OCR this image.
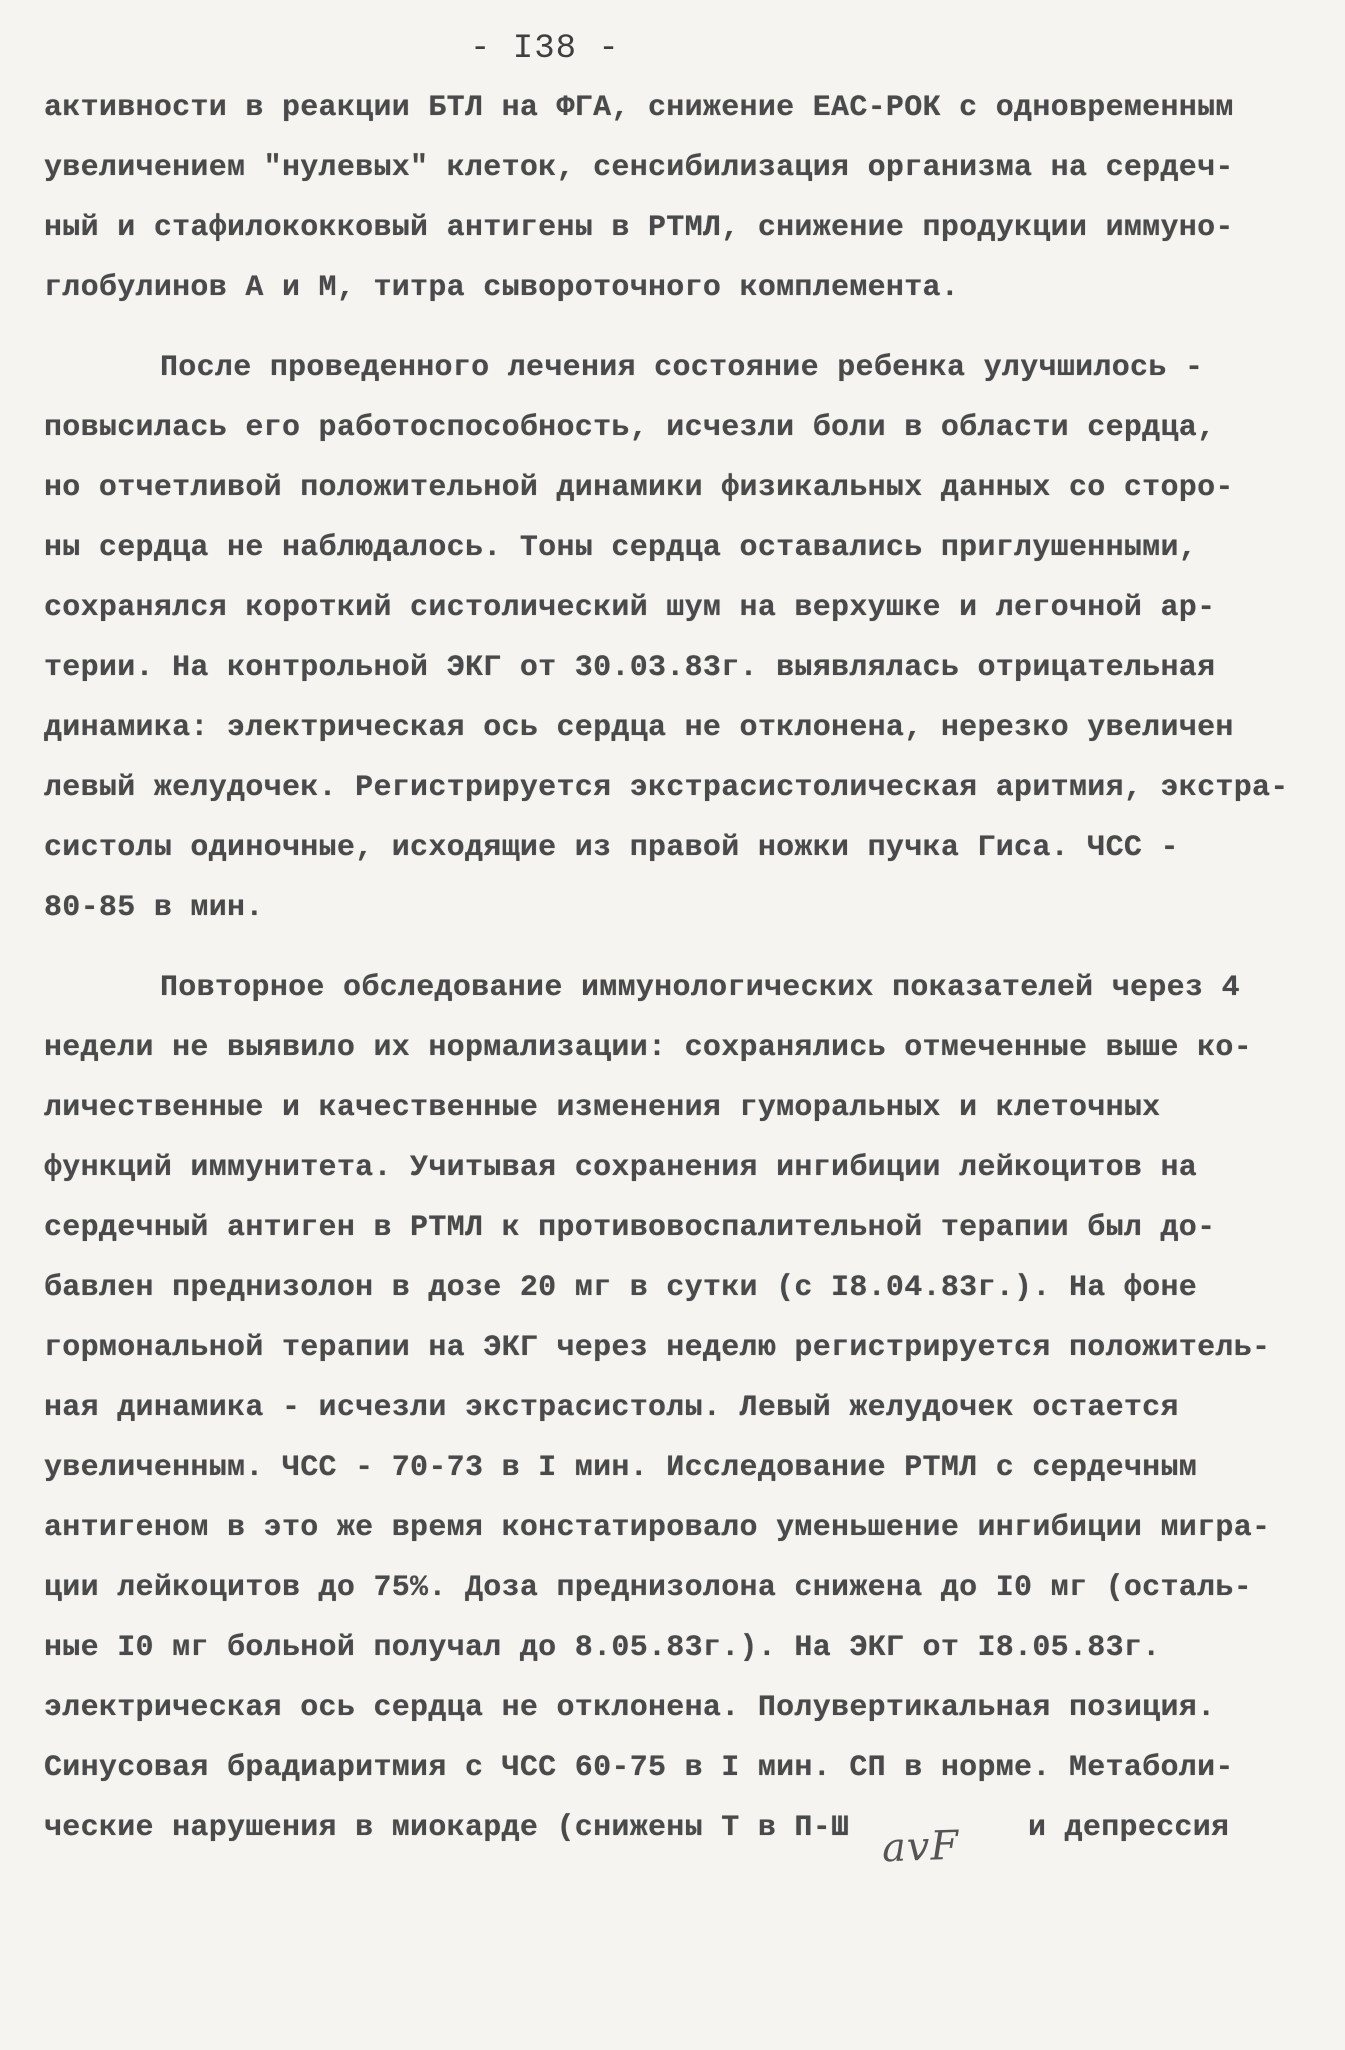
- I38 -
активности в реакции БТЛ на ФГА, снижение ЕАС-РОК с одновременным
увеличением "нулевых" клеток, сенсибилизация организма на сердеч-
ный и стафилококковый антигены в РТМЛ, снижение продукции иммуно-
глобулинов А и М, титра сывороточного комплемента.
После проведенного лечения состояние ребенка улучшилось -
повысилась его работоспособность, исчезли боли в области сердца,
но отчетливой положительной динамики физикальных данных со сторо-
ны сердца не наблюдалось. Тоны сердца оставались приглушенными,
сохранялся короткий систолический шум на верхушке и легочной ар-
терии. На контрольной ЭКГ от 30.03.83г. выявлялась отрицательная
динамика: электрическая ось сердца не отклонена, нерезко увеличен
левый желудочек. Регистрируется экстрасистолическая аритмия, экстра-
систолы одиночные, исходящие из правой ножки пучка Гиса. ЧСС -
80-85 в мин.
Повторное обследование иммунологических показателей через 4
недели не выявило их нормализации: сохранялись отмеченные выше ко-
личественные и качественные изменения гуморальных и клеточных
функций иммунитета. Учитывая сохранения ингибиции лейкоцитов на
сердечный антиген в РТМЛ к противовоспалительной терапии был до-
бавлен преднизолон в дозе 20 мг в сутки (с I8.04.83г.). На фоне
гормональной терапии на ЭКГ через неделю регистрируется положитель-
ная динамика - исчезли экстрасистолы. Левый желудочек остается
увеличенным. ЧСС - 70-73 в I мин. Исследование РТМЛ с сердечным
антигеном в это же время констатировало уменьшение ингибиции мигра-
ции лейкоцитов до 75%. Доза преднизолона снижена до I0 мг (осталь-
ные I0 мг больной получал до 8.05.83г.). На ЭКГ от I8.05.83г.
электрическая ось сердца не отклонена. Полувертикальная позиция.
Синусовая брадиаритмия с ЧСС 60-75 в I мин. СП в норме. Метаболи-
ческие нарушения в миокарде (снижены Т в П-Ш	и депрессия
avF
